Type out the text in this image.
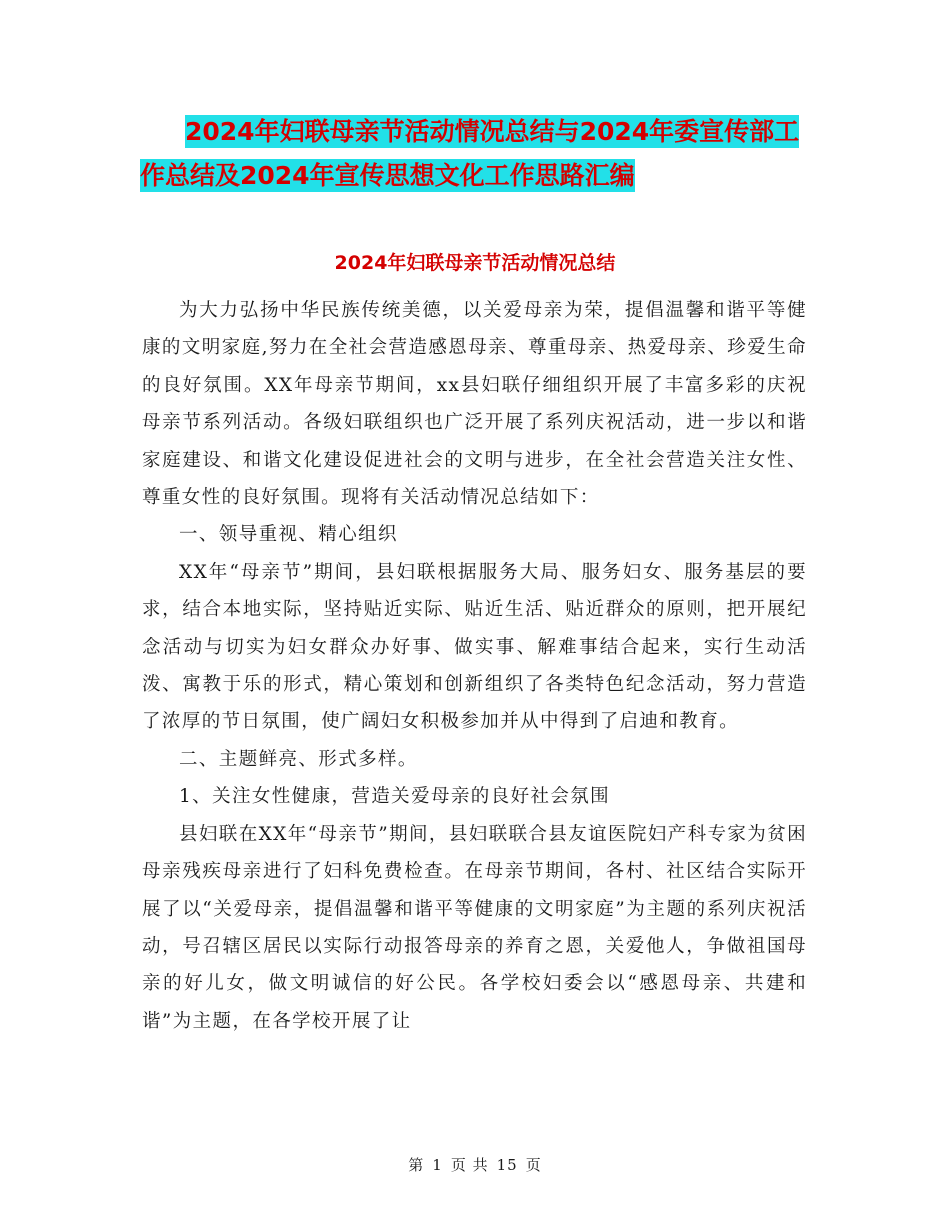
2024年妇联母亲节活动情况总结与2024年委宣传部工
作总结及2024年宣传思想文化工作思路汇编
2024年妇联母亲节活动情况总结

为大力弘扬中华民族传统美德，以关爱母亲为荣，提倡温馨和谐平等健康的文明家庭,努力在全社会营造感恩母亲、尊重母亲、热爱母亲、珍爱生命的良好氛围。XX年母亲节期间，xx县妇联仔细组织开展了丰富多彩的庆祝母亲节系列活动。各级妇联组织也广泛开展了系列庆祝活动，进一步以和谐家庭建设、和谐文化建设促进社会的文明与进步，在全社会营造关注女性、尊重女性的良好氛围。现将有关活动情况总结如下：

一、领导重视、精心组织

XX年“母亲节”期间，县妇联根据服务大局、服务妇女、服务基层的要求，结合本地实际，坚持贴近实际、贴近生活、贴近群众的原则，把开展纪念活动与切实为妇女群众办好事、做实事、解难事结合起来，实行生动活泼、寓教于乐的形式，精心策划和创新组织了各类特色纪念活动，努力营造了浓厚的节日氛围，使广阔妇女积极参加并从中得到了启迪和教育。

二、主题鲜亮、形式多样。

1、关注女性健康，营造关爱母亲的良好社会氛围

县妇联在XX年“母亲节”期间，县妇联联合县友谊医院妇产科专家为贫困母亲残疾母亲进行了妇科免费检查。在母亲节期间，各村、社区结合实际开展了以“关爱母亲，提倡温馨和谐平等健康的文明家庭”为主题的系列庆祝活动，号召辖区居民以实际行动报答母亲的养育之恩，关爱他人，争做祖国母亲的好儿女，做文明诚信的好公民。各学校妇委会以“感恩母亲、共建和谐”为主题，在各学校开展了让

第 1 页 共 15 页
